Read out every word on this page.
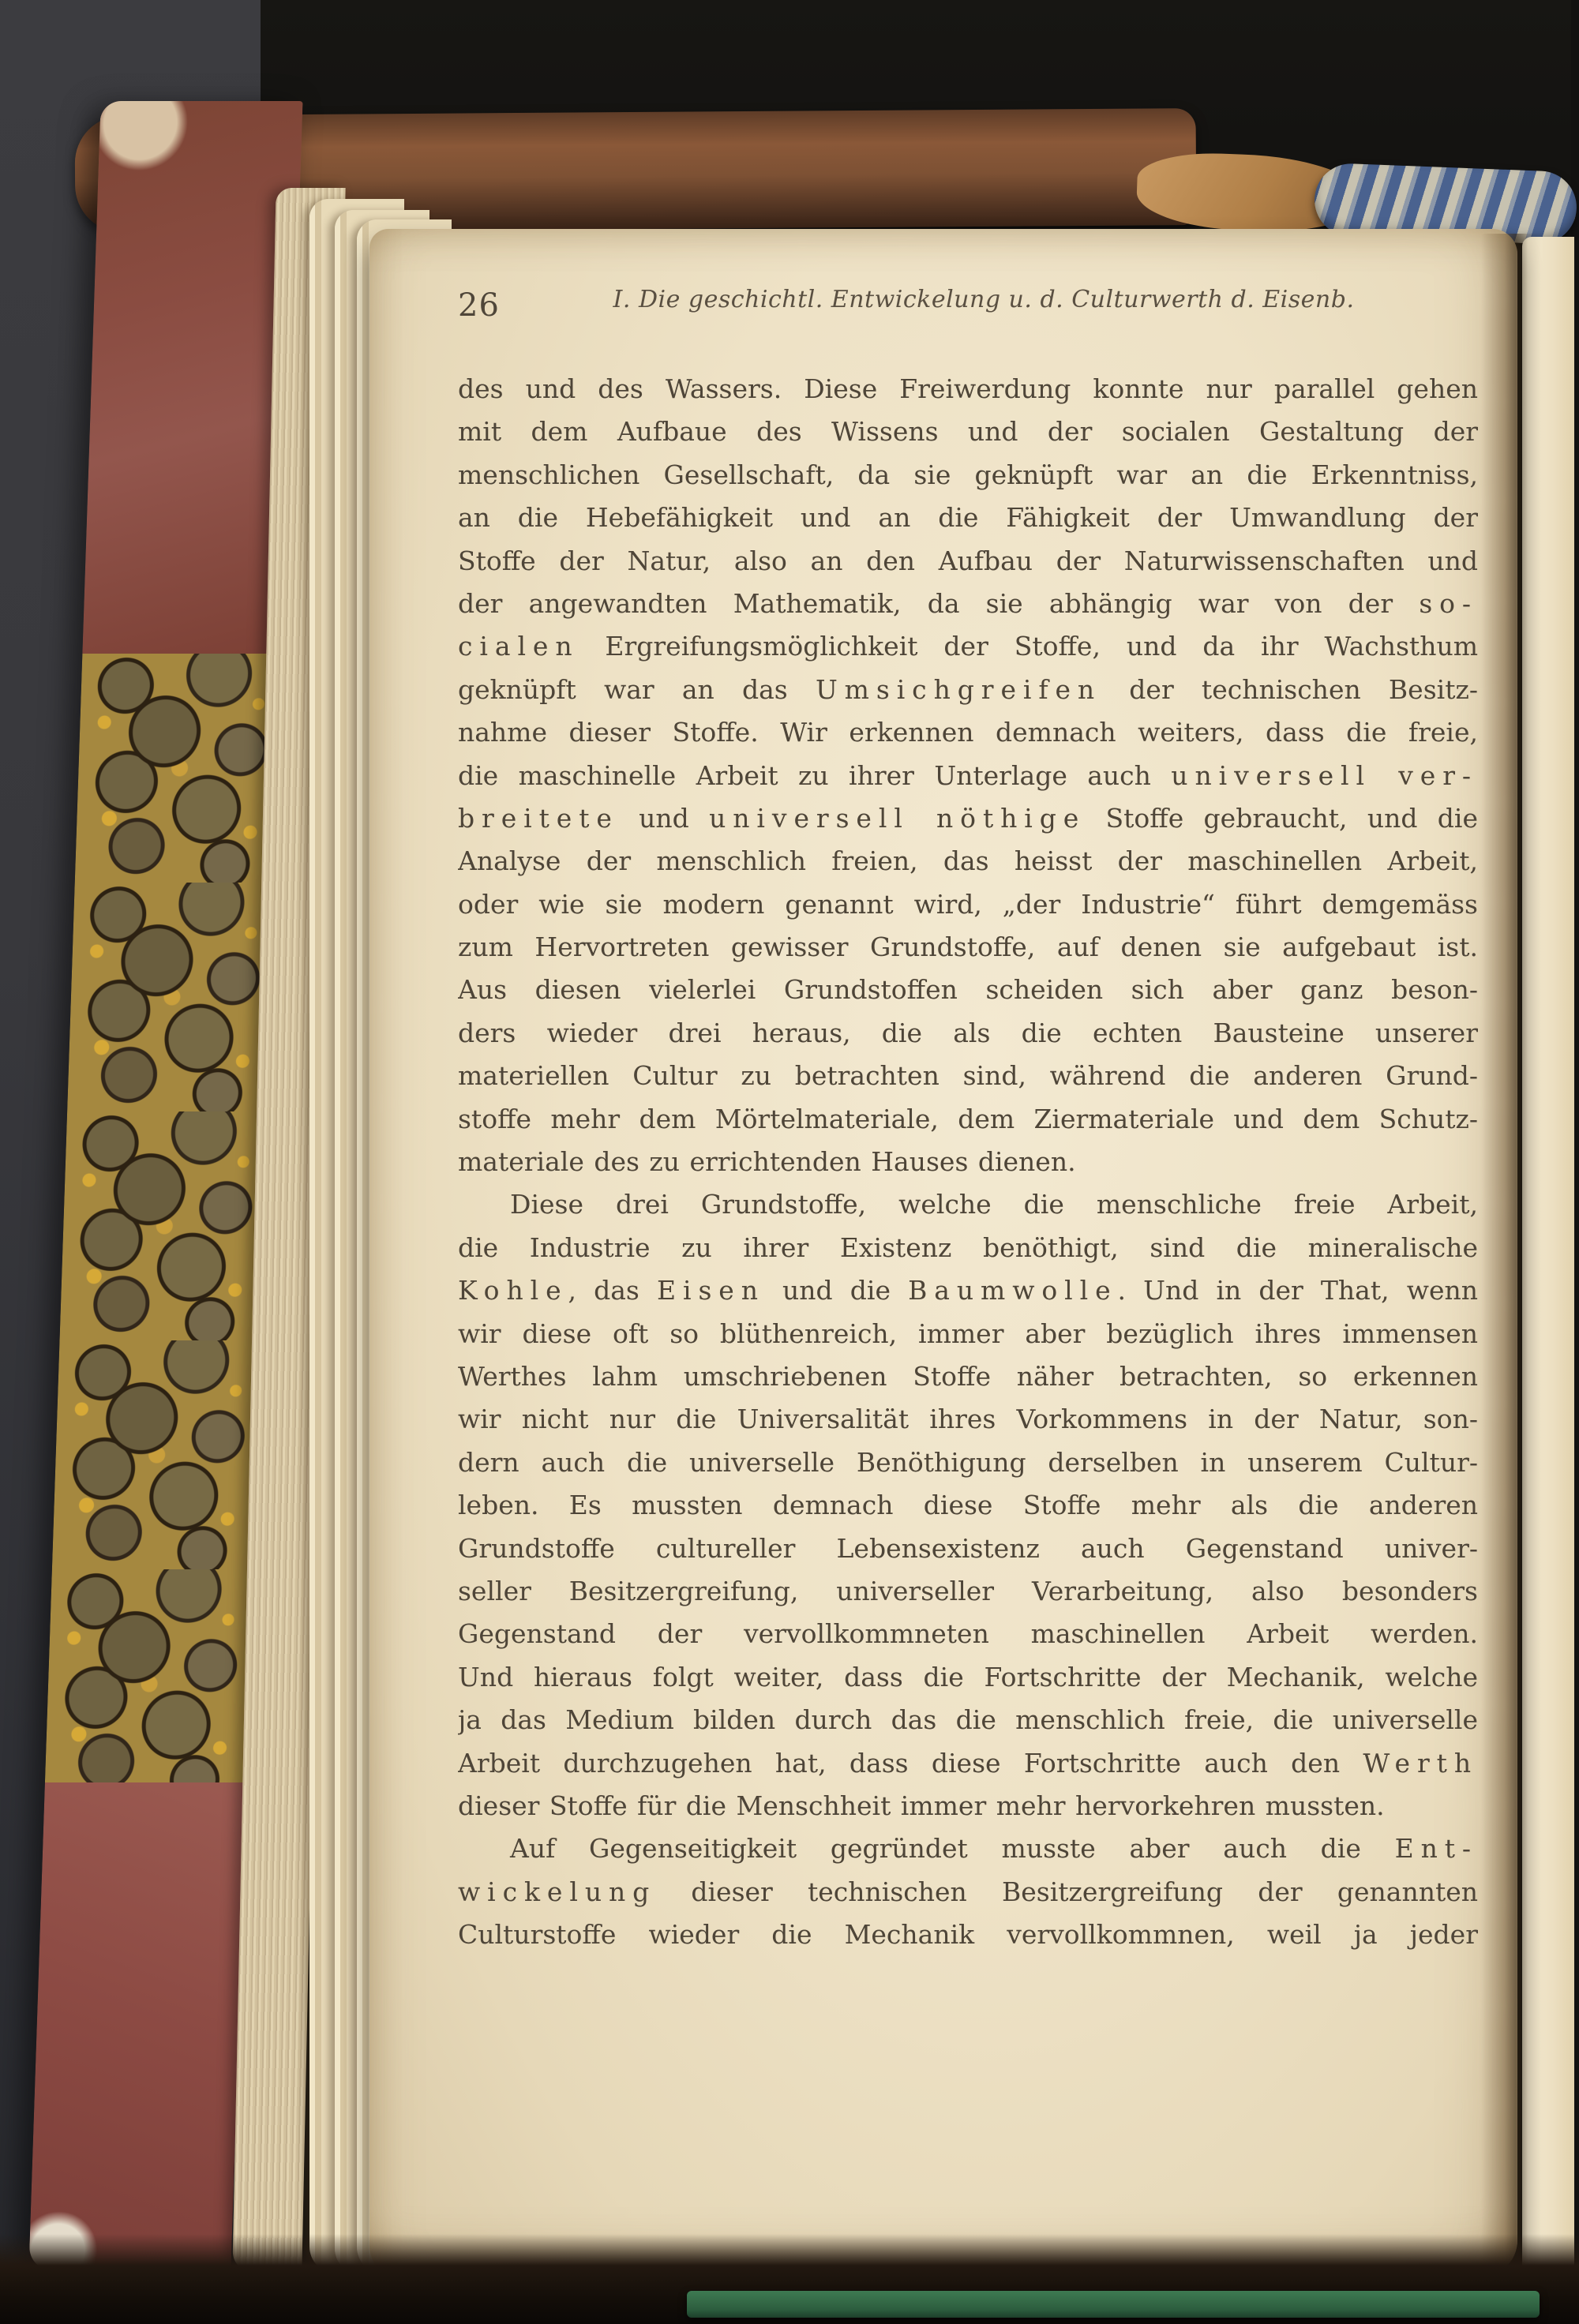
26	I. Die geschichtl. Entwickelung u. d. Culturwerth d. Eisenb.
des und des Wassers. Diese Freiwerdung konnte nur parallel gehen
mit dem Aufbaue des Wissens und der socialen Gestaltung der
menschlichen Gesellschaft, da sie geknüpft war an die Erkenntniss,
an die Hebefähigkeit und an die Fähigkeit der Umwandlung der
Stoffe der Natur, also an den Aufbau der Naturwissenschaften und
der angewandten Mathematik, da sie abhängig war von der so-
cialen Ergreifungsmöglichkeit der Stoffe, und da ihr Wachsthum
geknüpft war an das Umsichgreifen der technischen Besitz-
nahme dieser Stoffe. Wir erkennen demnach weiters, dass die freie,
die maschinelle Arbeit zu ihrer Unterlage auch universell ver-
breitete und universell nöthige Stoffe gebraucht, und die
Analyse der menschlich freien, das heisst der maschinellen Arbeit,
oder wie sie modern genannt wird, „der Industrie“ führt demgemäss
zum Hervortreten gewisser Grundstoffe, auf denen sie aufgebaut ist.
Aus diesen vielerlei Grundstoffen scheiden sich aber ganz beson-
ders wieder drei heraus, die als die echten Bausteine unserer
materiellen Cultur zu betrachten sind, während die anderen Grund-
stoffe mehr dem Mörtelmateriale, dem Ziermateriale und dem Schutz-
materiale des zu errichtenden Hauses dienen.
Diese drei Grundstoffe, welche die menschliche freie Arbeit,
die Industrie zu ihrer Existenz benöthigt, sind die mineralische
Kohle, das Eisen und die Baumwolle. Und in der That, wenn
wir diese oft so blüthenreich, immer aber bezüglich ihres immensen
Werthes lahm umschriebenen Stoffe näher betrachten, so erkennen
wir nicht nur die Universalität ihres Vorkommens in der Natur, son-
dern auch die universelle Benöthigung derselben in unserem Cultur-
leben. Es mussten demnach diese Stoffe mehr als die anderen
Grundstoffe cultureller Lebensexistenz auch Gegenstand univer-
seller Besitzergreifung, universeller Verarbeitung, also besonders
Gegenstand der vervollkommneten maschinellen Arbeit werden.
Und hieraus folgt weiter, dass die Fortschritte der Mechanik, welche
ja das Medium bilden durch das die menschlich freie, die universelle
Arbeit durchzugehen hat, dass diese Fortschritte auch den Werth
dieser Stoffe für die Menschheit immer mehr hervorkehren mussten.
Auf Gegenseitigkeit gegründet musste aber auch die Ent-
wickelung dieser technischen Besitzergreifung der genannten
Culturstoffe wieder die Mechanik vervollkommnen, weil ja jeder
